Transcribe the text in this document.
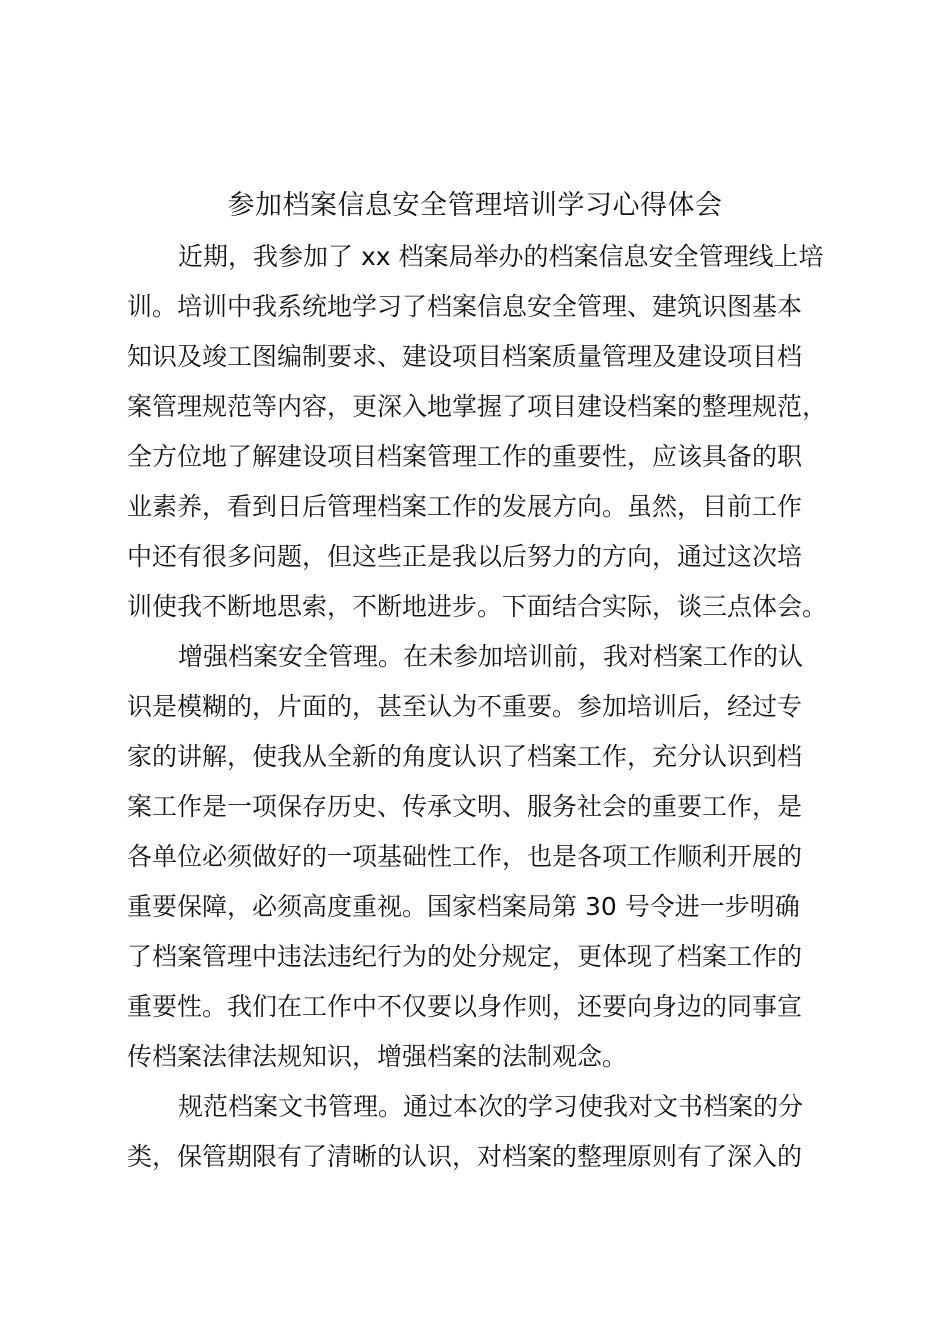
参加档案信息安全管理培训学习心得体会
近期，我参加了 xx 档案局举办的档案信息安全管理线上培
训。培训中我系统地学习了档案信息安全管理、建筑识图基本
知识及竣工图编制要求、建设项目档案质量管理及建设项目档
案管理规范等内容，更深入地掌握了项目建设档案的整理规范，
全方位地了解建设项目档案管理工作的重要性，应该具备的职
业素养，看到日后管理档案工作的发展方向。虽然，目前工作
中还有很多问题，但这些正是我以后努力的方向，通过这次培
训使我不断地思索，不断地进步。下面结合实际，谈三点体会。
增强档案安全管理。在未参加培训前，我对档案工作的认
识是模糊的，片面的，甚至认为不重要。参加培训后，经过专
家的讲解，使我从全新的角度认识了档案工作，充分认识到档
案工作是一项保存历史、传承文明、服务社会的重要工作，是
各单位必须做好的一项基础性工作，也是各项工作顺利开展的
重要保障，必须高度重视。国家档案局第 30 号令进一步明确
了档案管理中违法违纪行为的处分规定，更体现了档案工作的
重要性。我们在工作中不仅要以身作则，还要向身边的同事宣
传档案法律法规知识，增强档案的法制观念。
规范档案文书管理。通过本次的学习使我对文书档案的分
类，保管期限有了清晰的认识，对档案的整理原则有了深入的
